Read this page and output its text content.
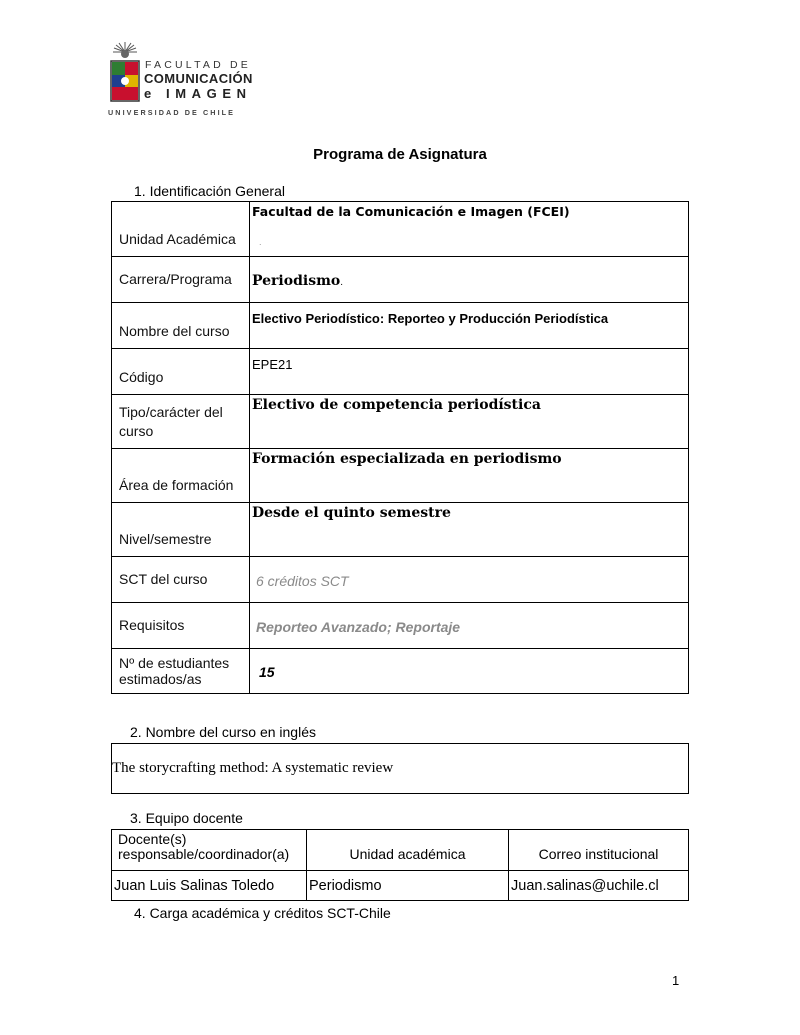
FACULTAD DE
COMUNICACIÓN
e IMAGEN
UNIVERSIDAD DE CHILE
Programa de Asignatura
1. Identificación General
Unidad Académica	Facultad de la Comunicación e Imagen (FCEI)
.

Carrera/Programa	Periodismo.
Nombre del curso	Electivo Periodístico: Reporteo y Producción Periodística

Código	EPE21

Tipo/carácter del curso	Electivo de competencia periodística

Área de formación	Formación especializada en periodismo

Nivel/semestre	Desde el quinto semestre

SCT del curso	6 créditos SCT
Requisitos	Reporteo Avanzado; Reportaje
Nº de estudiantes estimados/as	15
2. Nombre del curso en inglés
The storycrafting method: A systematic review
3. Equipo docente
Docente(s) responsable/coordinador(a)	Unidad académica	Correo institucional
Juan Luis Salinas Toledo	Periodismo	Juan.salinas@uchile.cl
4. Carga académica y créditos SCT-Chile
1
